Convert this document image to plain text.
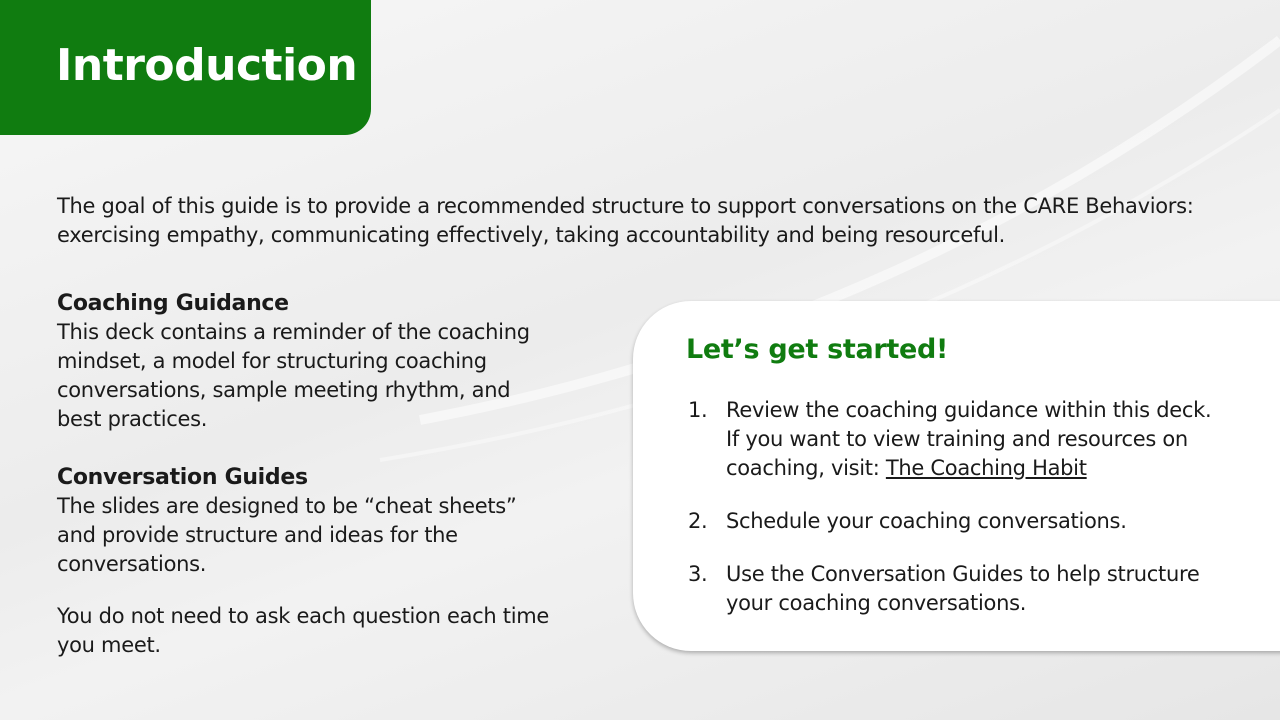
Introduction

The goal of this guide is to provide a recommended structure to support conversations on the CARE Behaviors:

exercising empathy, communicating effectively, taking accountability and being resourceful.

Coaching Guidance

This deck contains a reminder of the coaching

mindset, a model for structuring coaching

conversations, sample meeting rhythm, and

best practices.

Conversation Guides

The slides are designed to be “cheat sheets”

and provide structure and ideas for the

conversations.

You do not need to ask each question each time

you meet.

Let’s get started!
1. Review the coaching guidance within this deck.
If you want to view training and resources on
coaching, visit: The Coaching Habit
2. Schedule your coaching conversations.
3. Use the Conversation Guides to help structure
your coaching conversations.
